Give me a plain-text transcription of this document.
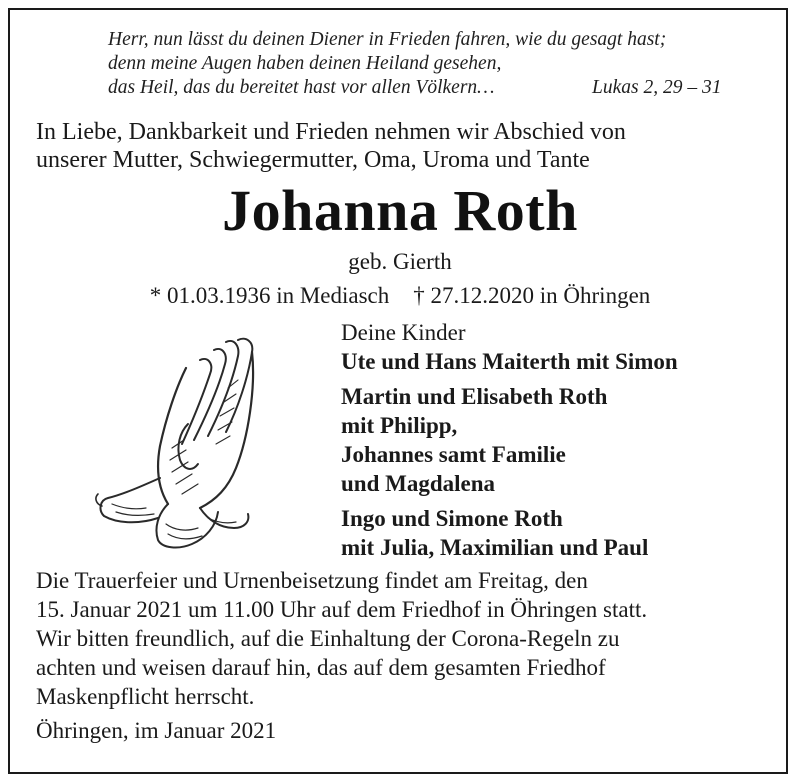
Herr, nun lässt du deinen Diener in Frieden fahren, wie du gesagt hast;
denn meine Augen haben deinen Heiland gesehen,
das Heil, das du bereitet hast vor allen Völkern…	Lukas 2, 29 – 31
In Liebe, Dankbarkeit und Frieden nehmen wir Abschied von
unserer Mutter, Schwiegermutter, Oma, Uroma und Tante
Johanna Roth
geb. Gierth
* 01.03.1936 in Mediasch † 27.12.2020 in Öhringen
Deine Kinder
Ute und Hans Maiterth mit Simon
Martin und Elisabeth Roth
mit Philipp,
Johannes samt Familie
und Magdalena
Ingo und Simone Roth
mit Julia, Maximilian und Paul
Die Trauerfeier und Urnenbeisetzung findet am Freitag, den
15. Januar 2021 um 11.00 Uhr auf dem Friedhof in Öhringen statt.
Wir bitten freundlich, auf die Einhaltung der Corona-Regeln zu
achten und weisen darauf hin, das auf dem gesamten Friedhof
Maskenpflicht herrscht.
Öhringen, im Januar 2021
